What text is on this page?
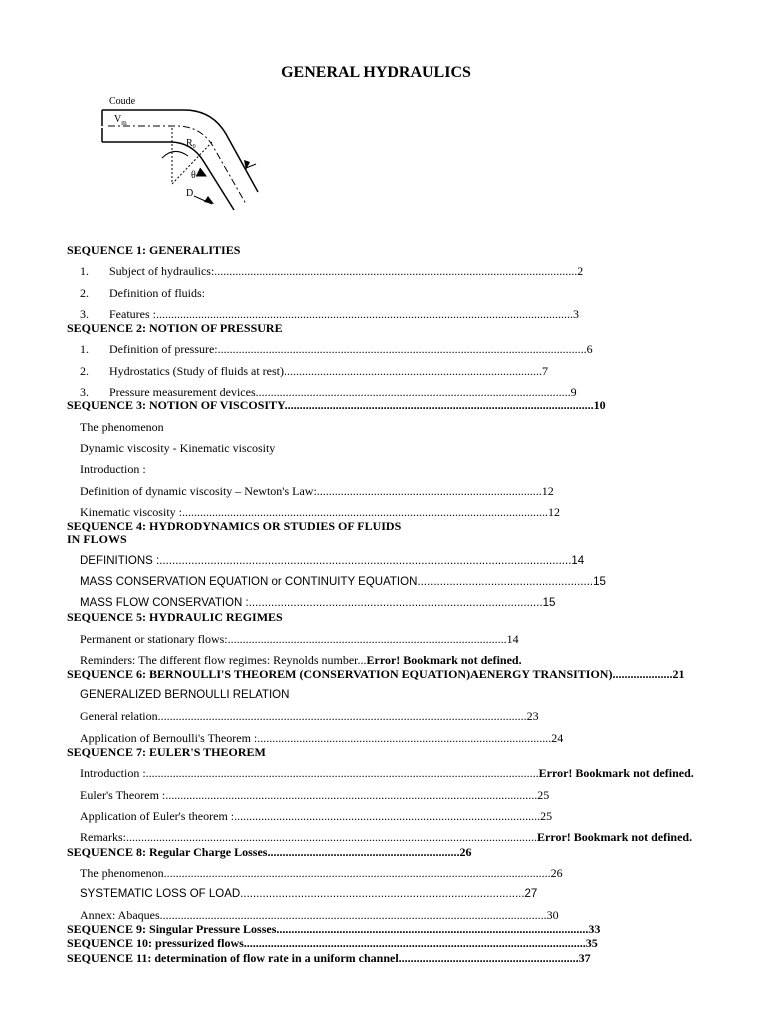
GENERAL HYDRAULICS
Coude
$V_m$
$R_0$
θ
D
SEQUENCE 1: GENERALITIES
1. Subject of hydraulics:.........................................................................................................................2
2. Definition of fluids:
3. Features :...........................................................................................................................................3
SEQUENCE 2: NOTION OF PRESSURE
1. Definition of pressure:...........................................................................................................................6
2. Hydrostatics (Study of fluids at rest)......................................................................................7
3. Pressure measurement devices.........................................................................................................9
SEQUENCE 3: NOTION OF VISCOSITY.......................................................................................................10
The phenomenon
Dynamic viscosity - Kinematic viscosity
Introduction :
Definition of dynamic viscosity – Newton's Law:...........................................................................12
Kinematic viscosity :..........................................................................................................................12
SEQUENCE 4: HYDRODYNAMICS OR STUDIES OF FLUIDS
IN FLOWS
DEFINITIONS :.................................................................................................................................14
MASS CONSERVATION EQUATION or CONTINUITY EQUATION.......................................................15
MASS FLOW CONSERVATION :............................................................................................15
SEQUENCE 5: HYDRAULIC REGIMES
Permanent or stationary flows:.............................................................................................14
Reminders: The different flow regimes: Reynolds number...Error! Bookmark not defined.
SEQUENCE 6: BERNOULLI'S THEOREM (CONSERVATION EQUATION)AENERGY TRANSITION)....................21
GENERALIZED BERNOULLI RELATION
General relation...........................................................................................................................23
Application of Bernoulli's Theorem :..................................................................................................24
SEQUENCE 7: EULER'S THEOREM
Introduction :...................................................................................................................................Error! Bookmark not defined.
Euler's Theorem :............................................................................................................................25
Application of Euler's theorem :......................................................................................................25
Remarks:.........................................................................................................................................Error! Bookmark not defined.
SEQUENCE 8: Regular Charge Losses................................................................26
The phenomenon.................................................................................................................................26
SYSTEMATIC LOSS OF LOAD.........................................................................................27
Annex: Abaques.................................................................................................................................30
SEQUENCE 9: Singular Pressure Losses........................................................................................................33
SEQUENCE 10: pressurized flows..................................................................................................................35
SEQUENCE 11: determination of flow rate in a uniform channel............................................................37
